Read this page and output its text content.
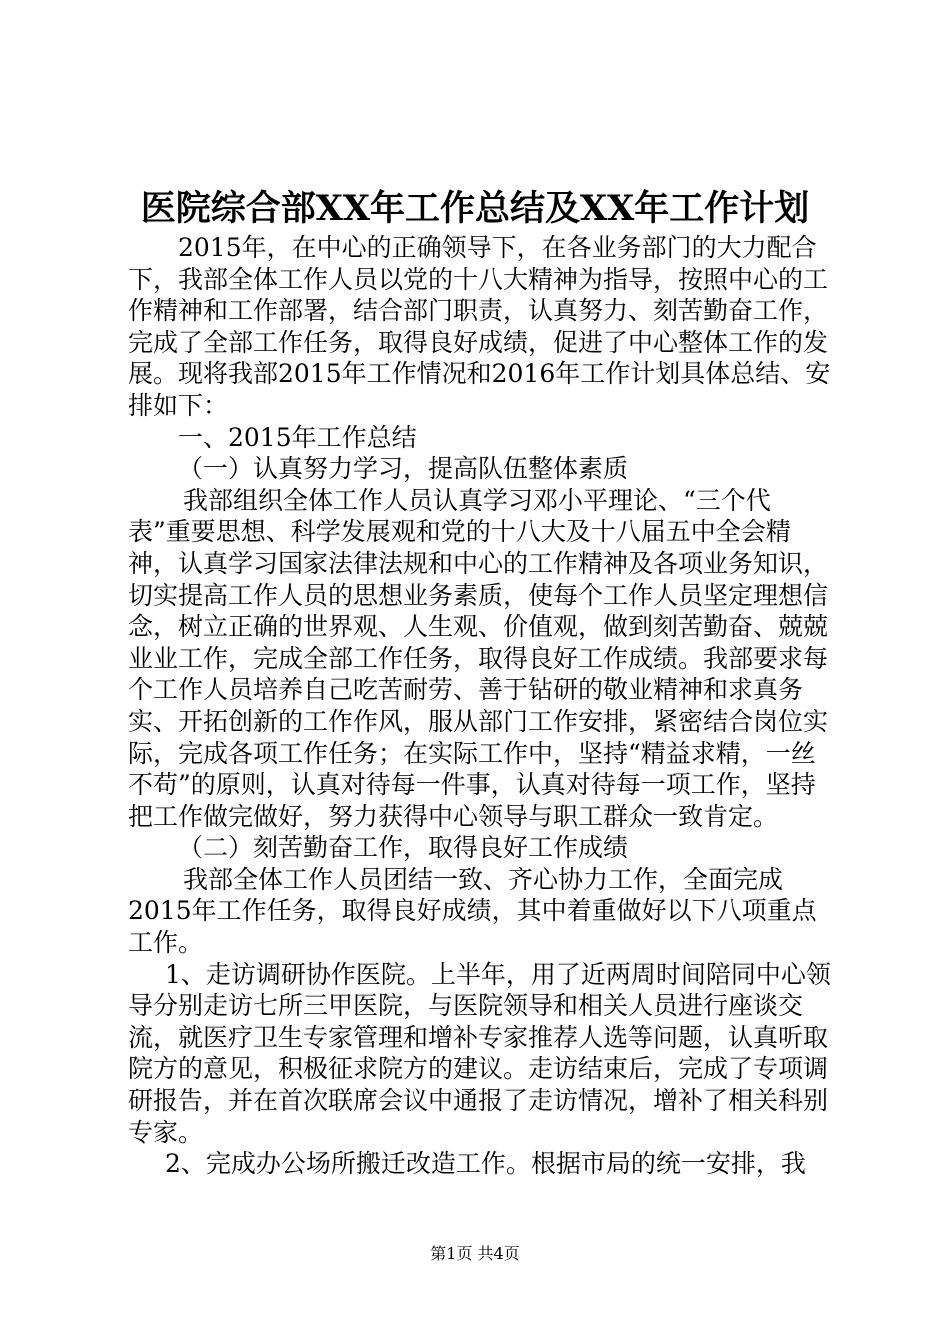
医院综合部XX年工作总结及XX年工作计划

2015年，在中心的正确领导下，在各业务部门的大力配合下，我部全体工作人员以党的十八大精神为指导，按照中心的工作精神和工作部署，结合部门职责，认真努力、刻苦勤奋工作，完成了全部工作任务，取得良好成绩，促进了中心整体工作的发展。现将我部2015年工作情况和2016年工作计划具体总结、安排如下：

一、2015年工作总结

（一）认真努力学习，提高队伍整体素质

我部组织全体工作人员认真学习邓小平理论、“三个代表”重要思想、科学发展观和党的十八大及十八届五中全会精神，认真学习国家法律法规和中心的工作精神及各项业务知识，切实提高工作人员的思想业务素质，使每个工作人员坚定理想信念，树立正确的世界观、人生观、价值观，做到刻苦勤奋、兢兢业业工作，完成全部工作任务，取得良好工作成绩。我部要求每个工作人员培养自己吃苦耐劳、善于钻研的敬业精神和求真务实、开拓创新的工作作风，服从部门工作安排，紧密结合岗位实际，完成各项工作任务；在实际工作中，坚持“精益求精，一丝不苟”的原则，认真对待每一件事，认真对待每一项工作，坚持把工作做完做好，努力获得中心领导与职工群众一致肯定。

（二）刻苦勤奋工作，取得良好工作成绩

我部全体工作人员团结一致、齐心协力工作，全面完成2015年工作任务，取得良好成绩，其中着重做好以下八项重点工作。

1、走访调研协作医院。上半年，用了近两周时间陪同中心领导分别走访七所三甲医院，与医院领导和相关人员进行座谈交流，就医疗卫生专家管理和增补专家推荐人选等问题，认真听取院方的意见，积极征求院方的建议。走访结束后，完成了专项调研报告，并在首次联席会议中通报了走访情况，增补了相关科别专家。

2、完成办公场所搬迁改造工作。根据市局的统一安排，我

第1页 共4页
